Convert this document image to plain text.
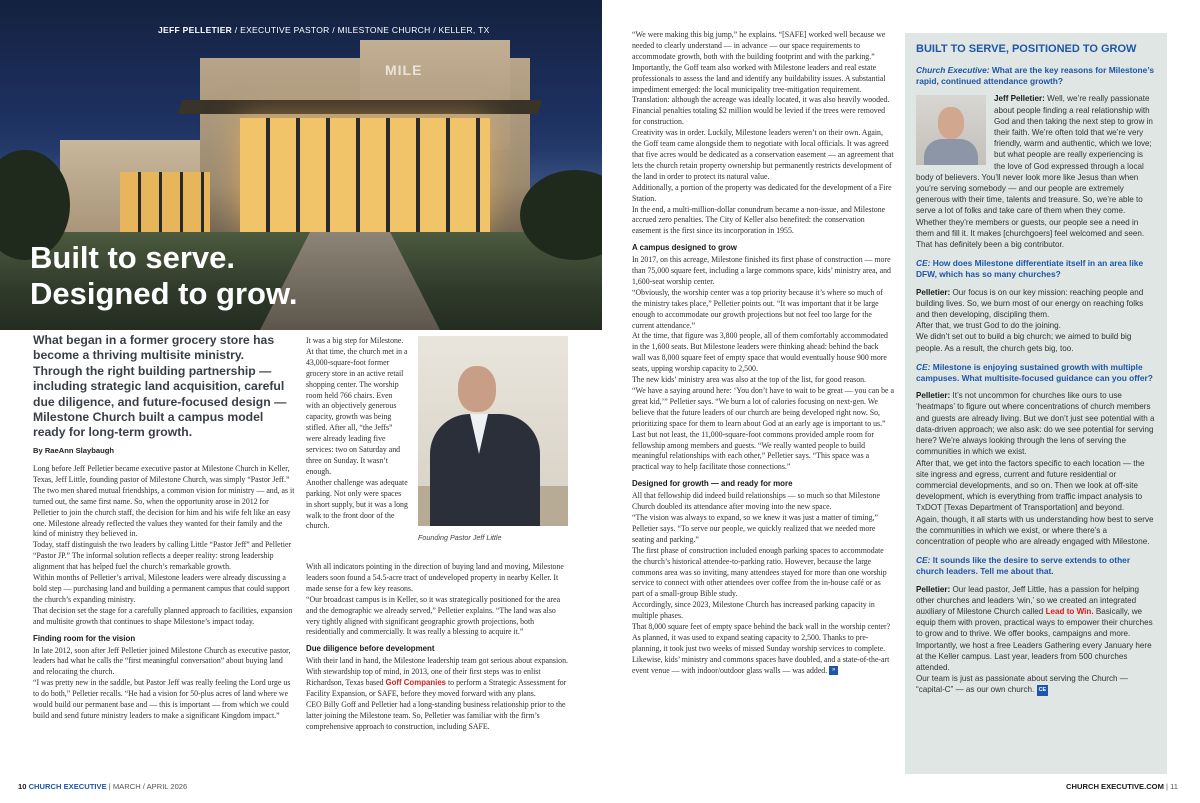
MILE
JEFF PELLETIER / EXECUTIVE PASTOR / MILESTONE CHURCH / KELLER, TX
Built to serve.
Designed to grow.
What began in a former grocery store has become a thriving multisite ministry. Through the right building partnership — including strategic land acquisition, careful due diligence, and future-focused design — Milestone Church built a campus model ready for long-term growth.
By RaeAnn Slaybaugh

Long before Jeff Pelletier became executive pastor at Milestone Church in Keller, Texas, Jeff Little, founding pastor of Milestone Church, was simply “Pastor Jeff.” The two men shared mutual friendships, a common vision for ministry — and, as it turned out, the same first name. So, when the opportunity arose in 2012 for Pelletier to join the church staff, the decision for him and his wife felt like an easy one. Milestone already reflected the values they wanted for their family and the kind of ministry they believed in.

Today, staff distinguish the two leaders by calling Little “Pastor Jeff” and Pelletier “Pastor JP.” The informal solution reflects a deeper reality: strong leadership alignment that has helped fuel the church’s remarkable growth.

Within months of Pelletier’s arrival, Milestone leaders were already discussing a bold step — purchasing land and building a permanent campus that could support the church’s expanding ministry.

That decision set the stage for a carefully planned approach to facilities, expansion and multisite growth that continues to shape Milestone’s impact today.

Finding room for the vision

In late 2012, soon after Jeff Pelletier joined Milestone Church as executive pastor, leaders had what he calls the “first meaningful conversation” about buying land and relocating the church.

“I was pretty new in the saddle, but Pastor Jeff was really feeling the Lord urge us to do both,” Pelletier recalls. “He had a vision for 50-plus acres of land where we would build our permanent base and — this is important — from which we could build and send future ministry leaders to make a significant Kingdom impact.”

It was a big step for Milestone. At that time, the church met in a 43,000-square-foot former grocery store in an active retail shopping center. The worship room held 766 chairs. Even with an objectively generous capacity, growth was being stifled. After all, “the Jeffs” were already leading five services: two on Saturday and three on Sunday. It wasn’t enough.

Another challenge was adequate parking. Not only were spaces in short supply, but it was a long walk to the front door of the church.

Founding Pastor Jeff Little

With all indicators pointing in the direction of buying land and moving, Milestone leaders soon found a 54.5-acre tract of undeveloped property in nearby Keller. It made sense for a few key reasons.

“Our broadcast campus is in Keller, so it was strategically positioned for the area and the demographic we already served,” Pelletier explains. “The land was also very tightly aligned with significant geographic growth projections, both residentially and commercially. It was really a blessing to acquire it.”

Due diligence before development

With their land in hand, the Milestone leadership team got serious about expansion. With stewardship top of mind, in 2013, one of their first steps was to enlist Richardson, Texas based Goff Companies to perform a Strategic Assessment for Facility Expansion, or SAFE, before they moved forward with any plans.

CEO Billy Goff and Pelletier had a long-standing business relationship prior to the latter joining the Milestone team. So, Pelletier was familiar with the firm’s comprehensive approach to construction, including SAFE.

“We were making this big jump,” he explains. “[SAFE] worked well because we needed to clearly understand — in advance — our space requirements to accommodate growth, both with the building footprint and with the parking.”

Importantly, the Goff team also worked with Milestone leaders and real estate professionals to assess the land and identify any buildability issues. A substantial impediment emerged: the local municipality tree-mitigation requirement. Translation: although the acreage was ideally located, it was also heavily wooded. Financial penalties totaling $2 million would be levied if the trees were removed for construction.

Creativity was in order. Luckily, Milestone leaders weren’t on their own. Again, the Goff team came alongside them to negotiate with local officials. It was agreed that five acres would be dedicated as a conservation easement — an agreement that lets the church retain property ownership but permanently restricts development of the land in order to protect its natural value.

Additionally, a portion of the property was dedicated for the development of a Fire Station.

In the end, a multi-million-dollar conundrum became a non-issue, and Milestone accrued zero penalties. The City of Keller also benefited: the conservation easement is the first since its incorporation in 1955.

A campus designed to grow

In 2017, on this acreage, Milestone finished its first phase of construction — more than 75,000 square feet, including a large commons space, kids’ ministry area, and 1,600-seat worship center.

“Obviously, the worship center was a top priority because it’s where so much of the ministry takes place,” Pelletier points out. “It was important that it be large enough to accommodate our growth projections but not feel too large for the current attendance.”

At the time, that figure was 3,800 people, all of them comfortably accommodated in the 1,600 seats. But Milestone leaders were thinking ahead: behind the back wall was 8,000 square feet of empty space that would eventually house 900 more seats, upping worship capacity to 2,500.

The new kids’ ministry area was also at the top of the list, for good reason.

“We have a saying around here: ‘You don’t have to wait to be great — you can be a great kid,’” Pelletier says. “We burn a lot of calories focusing on next-gen. We believe that the future leaders of our church are being developed right now. So, prioritizing space for them to learn about God at an early age is important to us.”

Last but not least, the 11,000-square-foot commons provided ample room for fellowship among members and guests. “We really wanted people to build meaningful relationships with each other,” Pelletier says. “This space was a practical way to help facilitate those connections.”

Designed for growth — and ready for more

All that fellowship did indeed build relationships — so much so that Milestone Church doubled its attendance after moving into the new space.

“The vision was always to expand, so we knew it was just a matter of timing,” Pelletier says. “To serve our people, we quickly realized that we needed more seating and parking.”

The first phase of construction included enough parking spaces to accommodate the church’s historical attendee-to-parking ratio. However, because the large commons area was so inviting, many attendees stayed for more than one worship service to connect with other attendees over coffee from the in-house café or as part of a small-group Bible study.

Accordingly, since 2023, Milestone Church has increased parking capacity in multiple phases.

That 8,000 square feet of empty space behind the back wall in the worship center? As planned, it was used to expand seating capacity to 2,500. Thanks to pre-planning, it took just two weeks of missed Sunday worship services to complete.

Likewise, kids’ ministry and commons spaces have doubled, and a state-of-the-art event venue — with indoor/outdoor glass walls — was added. »

BUILT TO SERVE, POSITIONED TO GROW
Church Executive: What are the key reasons for Milestone’s rapid, continued attendance growth?
Jeff Pelletier: Well, we’re really passionate about people finding a real relationship with God and then taking the next step to grow in their faith. We’re often told that we’re very friendly, warm and authentic, which we love; but what people are really experiencing is the love of God expressed through a local body of believers. You’ll never look more like Jesus than when you’re serving somebody — and our people are extremely generous with their time, talents and treasure. So, we’re able to serve a lot of folks and take care of them when they come. Whether they’re members or guests, our people see a need in them and fill it. It makes [churchgoers] feel welcomed and seen. That has definitely been a big contributor.
CE: How does Milestone differentiate itself in an area like DFW, which has so many churches?
Pelletier: Our focus is on our key mission: reaching people and building lives. So, we burn most of our energy on reaching folks and then developing, discipling them.
After that, we trust God to do the joining.
We didn’t set out to build a big church; we aimed to build big people. As a result, the church gets big, too.
CE: Milestone is enjoying sustained growth with multiple campuses. What multisite-focused guidance can you offer?
Pelletier: It’s not uncommon for churches like ours to use ‘heatmaps’ to figure out where concentrations of church members and guests are already living. But we don’t just see potential with a data-driven approach; we also ask: do we see potential for serving here? We’re always looking through the lens of serving the communities in which we exist.
After that, we get into the factors specific to each location — the site ingress and egress, current and future residential or commercial developments, and so on. Then we look at off-site development, which is everything from traffic impact analysis to TxDOT [Texas Department of Transportation] and beyond.
Again, though, it all starts with us understanding how best to serve the communities in which we exist, or where there’s a concentration of people who are already engaged with Milestone.
CE: It sounds like the desire to serve extends to other church leaders. Tell me about that.
Pelletier: Our lead pastor, Jeff Little, has a passion for helping other churches and leaders ‘win,’ so we created an integrated auxiliary of Milestone Church called Lead to Win. Basically, we equip them with proven, practical ways to empower their churches to grow and to thrive. We offer books, campaigns and more.
Importantly, we host a free Leaders Gathering every January here at the Keller campus. Last year, leaders from 500 churches attended.
Our team is just as passionate about serving the Church — “capital-C” — as our own church. CE
10 CHURCH EXECUTIVE | MARCH / APRIL 2026	CHURCH EXECUTIVE.COM | 11
